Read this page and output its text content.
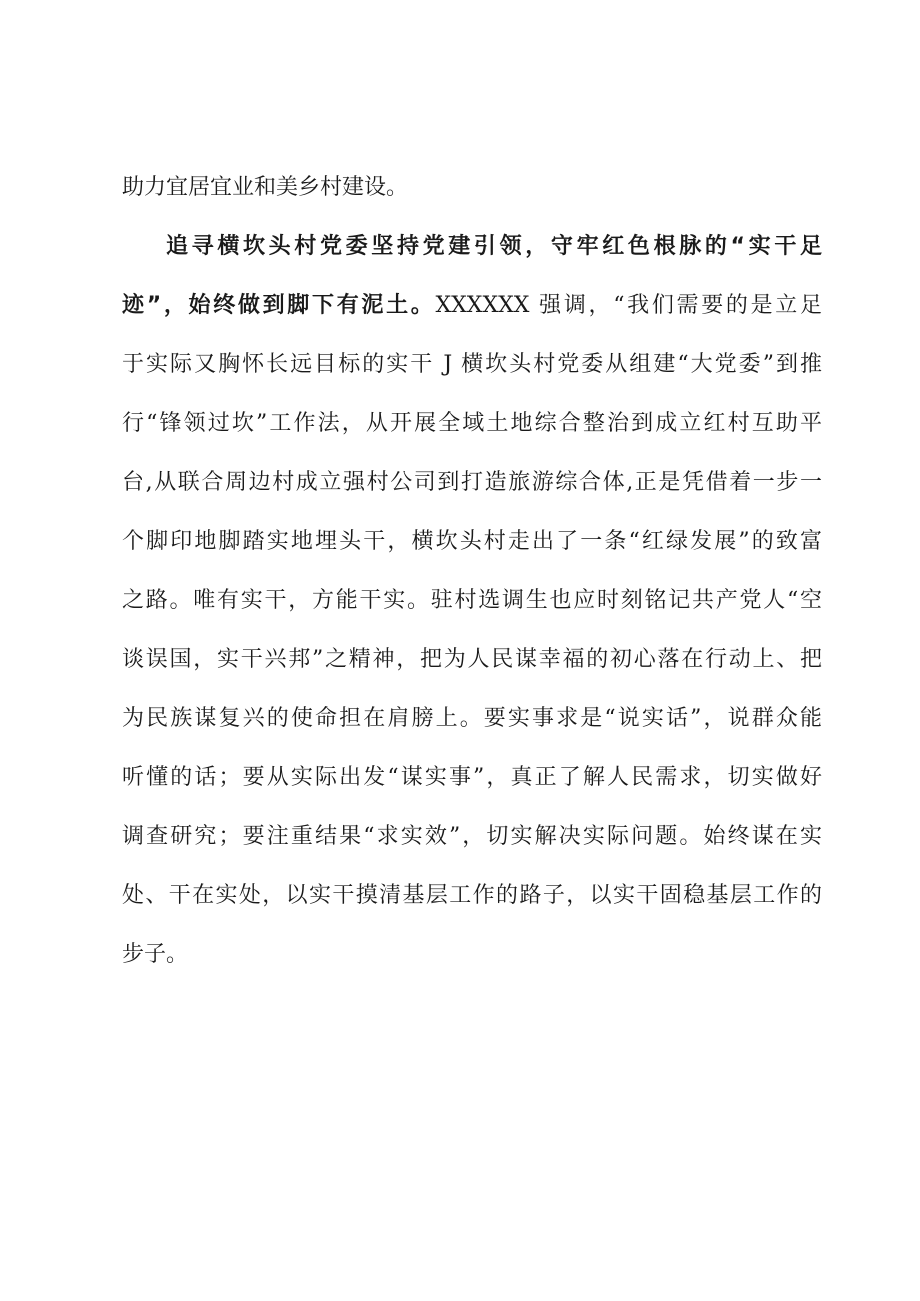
助力宜居宜业和美乡村建设。
追寻横坎头村党委坚持党建引领，守牢红色根脉的“实干足
迹”，始终做到脚下有泥土。XXXXXX 强调，“我们需要的是立足
于实际又胸怀长远目标的实干 J 横坎头村党委从组建“大党委”到推
行“锋领过坎”工作法，从开展全域土地综合整治到成立红村互助平
台,从联合周边村成立强村公司到打造旅游综合体,正是凭借着一步一
个脚印地脚踏实地埋头干，横坎头村走出了一条“红绿发展”的致富
之路。唯有实干，方能干实。驻村选调生也应时刻铭记共产党人“空
谈误国，实干兴邦”之精神，把为人民谋幸福的初心落在行动上、把
为民族谋复兴的使命担在肩膀上。要实事求是“说实话”，说群众能
听懂的话；要从实际出发“谋实事”，真正了解人民需求，切实做好
调查研究；要注重结果“求实效”，切实解决实际问题。始终谋在实
处、干在实处，以实干摸清基层工作的路子，以实干固稳基层工作的
步子。
